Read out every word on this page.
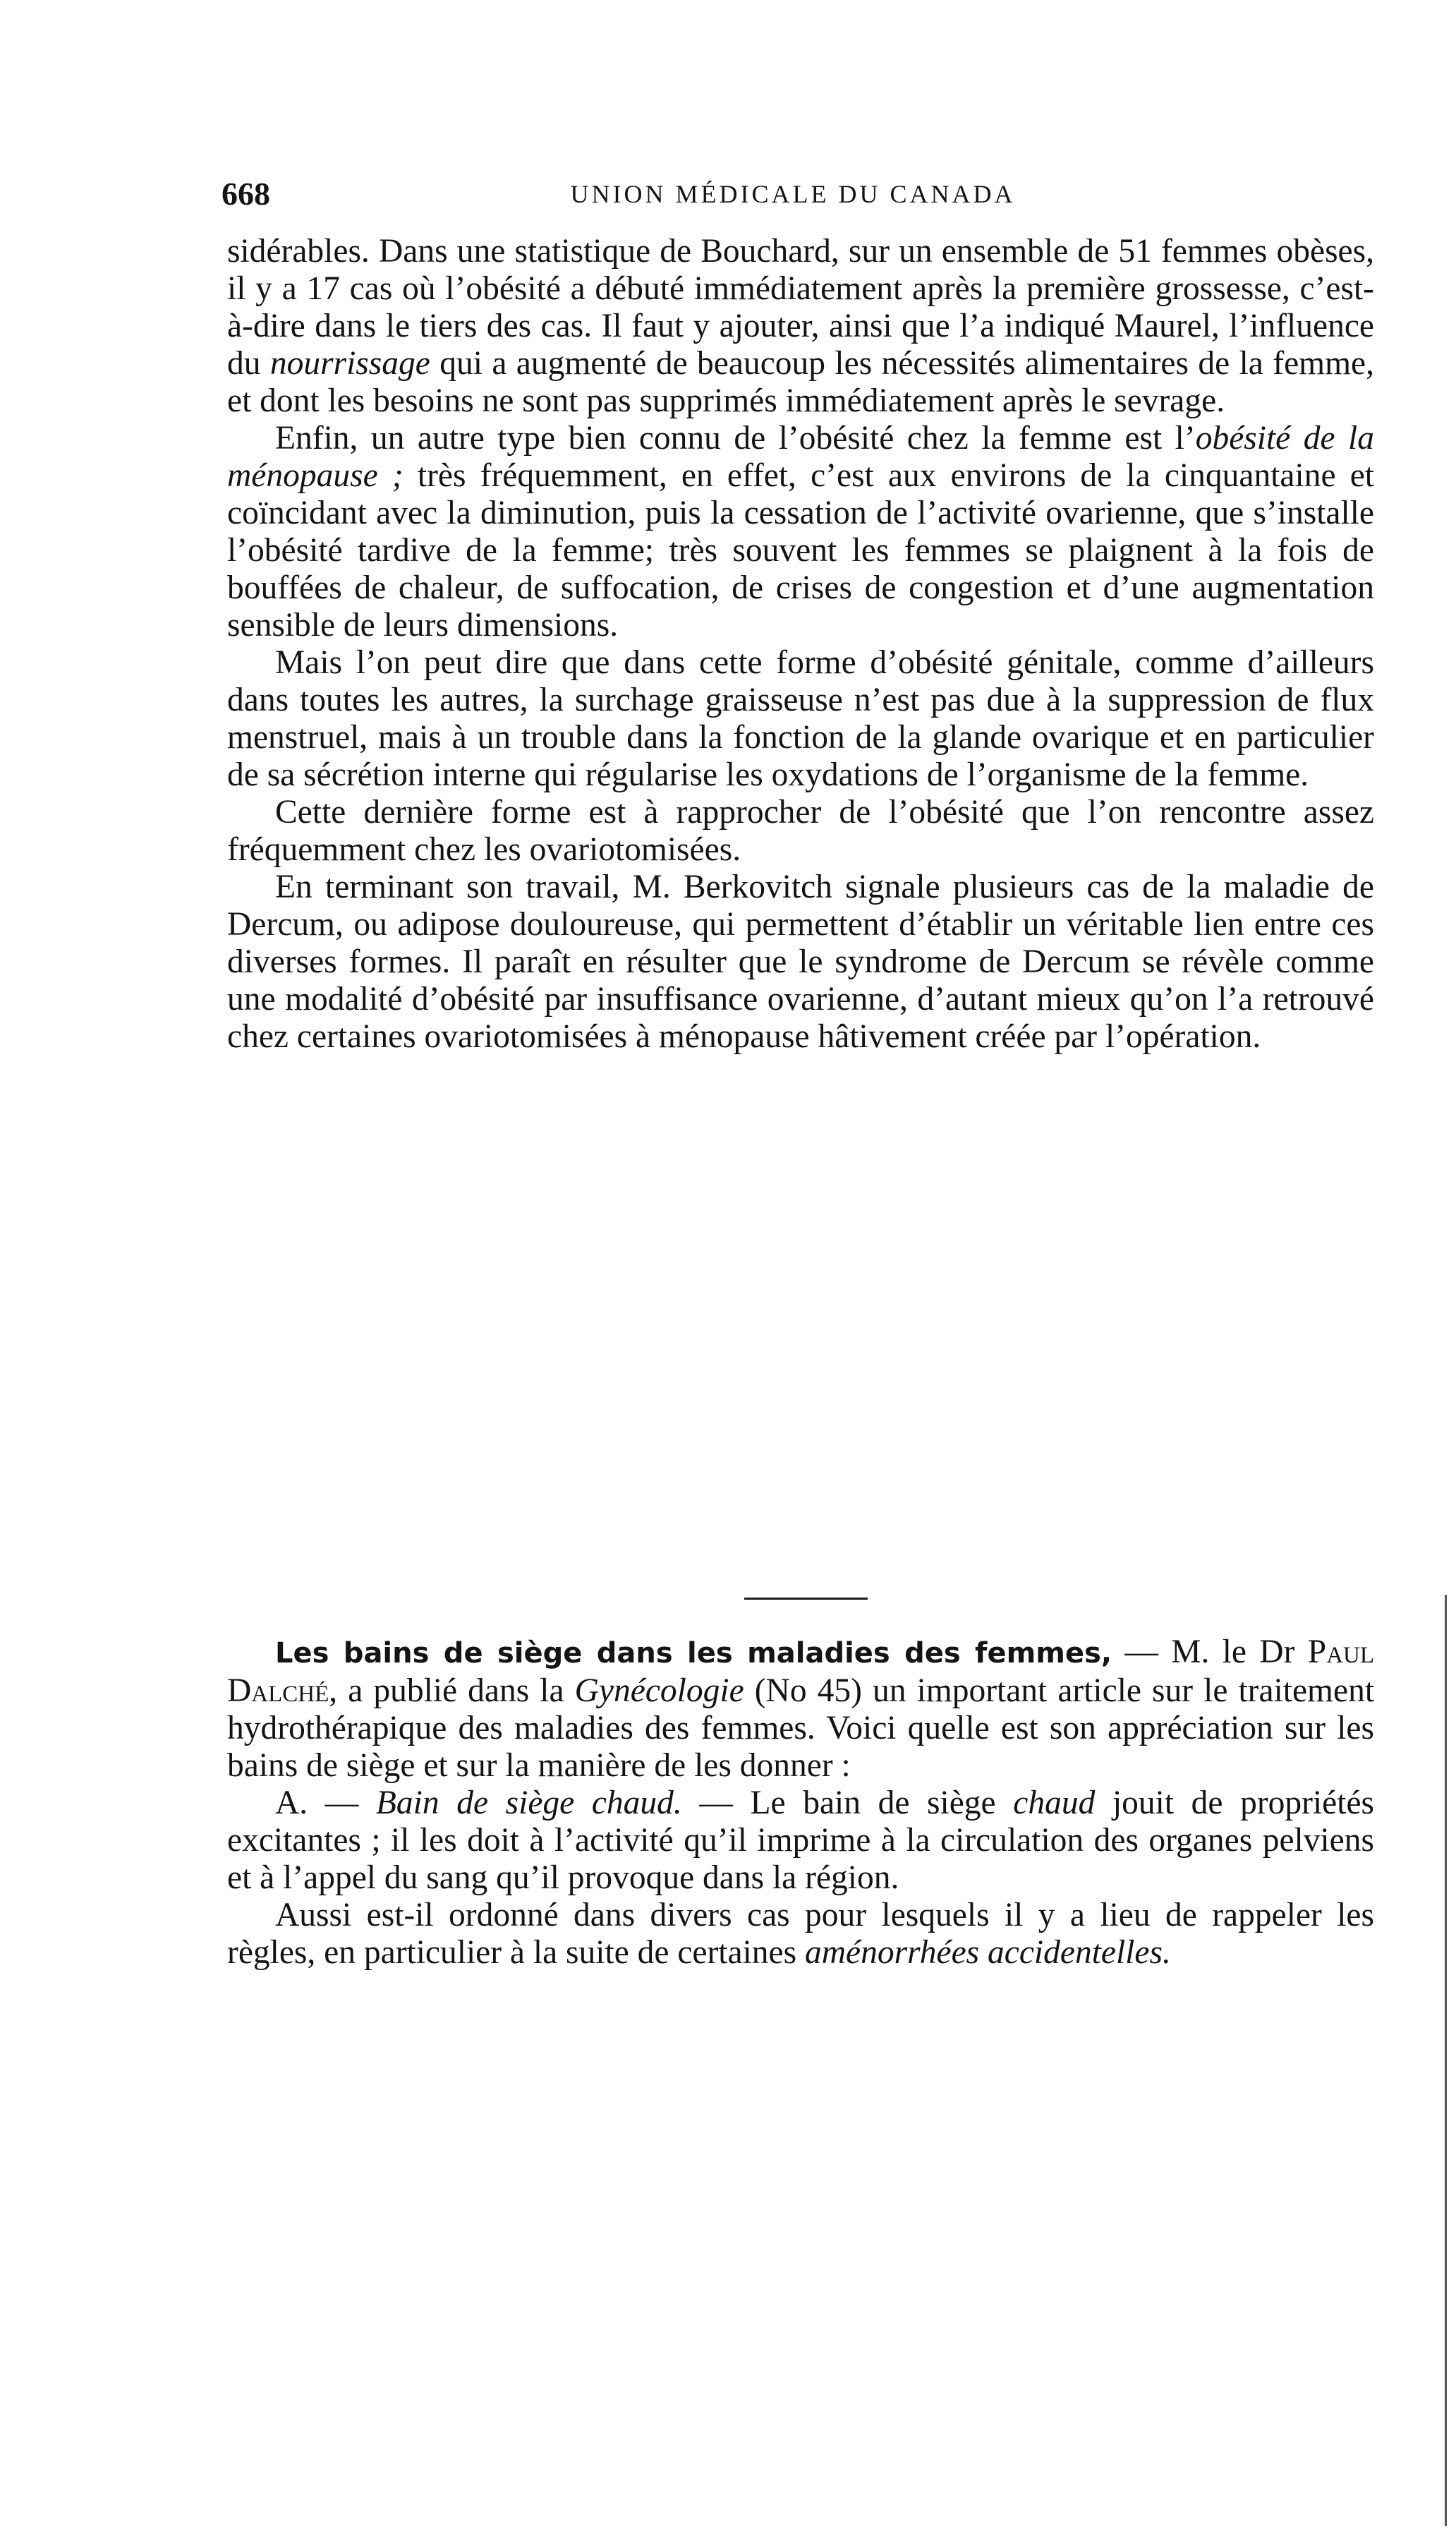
668	UNION MÉDICALE DU CANADA

sidérables. Dans une statistique de Bouchard, sur un ensemble de 51 femmes obèses, il y a 17 cas où l’obésité a débuté immédiatement après la première grossesse, c’est-à-dire dans le tiers des cas. Il faut y ajouter, ainsi que l’a indiqué Maurel, l’influence du nourrissage qui a augmenté de beaucoup les nécessités alimentaires de la femme, et dont les besoins ne sont pas supprimés immédiatement après le sevrage.

Enfin, un autre type bien connu de l’obésité chez la femme est l’obésité de la ménopause ; très fréquemment, en effet, c’est aux environs de la cinquantaine et coïncidant avec la diminution, puis la cessation de l’activité ovarienne, que s’installe l’obésité tardive de la femme; très souvent les femmes se plaignent à la fois de bouffées de chaleur, de suffocation, de crises de congestion et d’une augmentation sensible de leurs dimensions.

Mais l’on peut dire que dans cette forme d’obésité génitale, comme d’ailleurs dans toutes les autres, la surchage graisseuse n’est pas due à la suppression de flux menstruel, mais à un trouble dans la fonction de la glande ovarique et en particulier de sa sécrétion interne qui régularise les oxydations de l’organisme de la femme.

Cette dernière forme est à rapprocher de l’obésité que l’on rencontre assez fréquemment chez les ovariotomisées.

En terminant son travail, M. Berkovitch signale plusieurs cas de la maladie de Dercum, ou adipose douloureuse, qui permettent d’établir un véritable lien entre ces diverses formes. Il paraît en résulter que le syndrome de Dercum se révèle comme une modalité d’obésité par insuffisance ovarienne, d’autant mieux qu’on l’a retrouvé chez certaines ovariotomisées à ménopause hâtivement créée par l’opération.

Les bains de siège dans les maladies des femmes, — M. le Dr Paul Dalché, a publié dans la Gynécologie (No 45) un important article sur le traitement hydrothérapique des maladies des femmes. Voici quelle est son appréciation sur les bains de siège et sur la manière de les donner :

A. — Bain de siège chaud. — Le bain de siège chaud jouit de propriétés excitantes ; il les doit à l’activité qu’il imprime à la circulation des organes pelviens et à l’appel du sang qu’il provoque dans la région.

Aussi est-il ordonné dans divers cas pour lesquels il y a lieu de rappeler les règles, en particulier à la suite de certaines aménorrhées accidentelles.
